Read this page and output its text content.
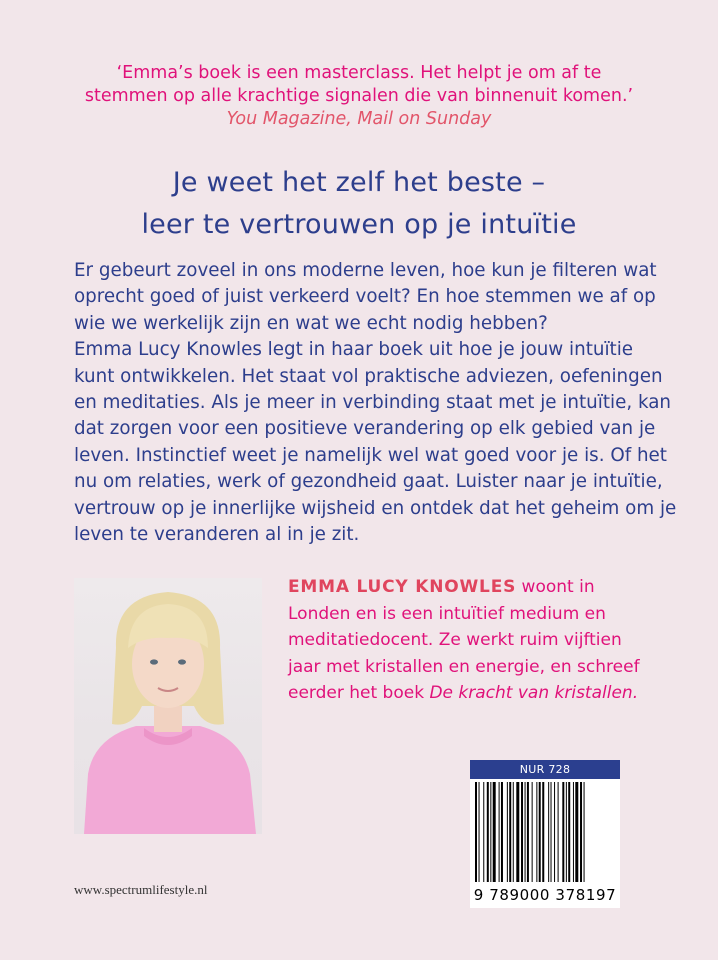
‘Emma’s boek is een masterclass. Het helpt je om af te
stemmen op alle krachtige signalen die van binnenuit komen.’
You Magazine, Mail on Sunday
Je weet het zelf het beste –
leer te vertrouwen op je intuïtie
Er gebeurt zoveel in ons moderne leven, hoe kun je filteren wat
oprecht goed of juist verkeerd voelt? En hoe stemmen we af op
wie we werkelijk zijn en wat we echt nodig hebben?
Emma Lucy Knowles legt in haar boek uit hoe je jouw intuïtie
kunt ontwikkelen. Het staat vol praktische adviezen, oefeningen
en meditaties. Als je meer in verbinding staat met je intuïtie, kan
dat zorgen voor een positieve verandering op elk gebied van je
leven. Instinctief weet je namelijk wel wat goed voor je is. Of het
nu om relaties, werk of gezondheid gaat. Luister naar je intuïtie,
vertrouw op je innerlijke wijsheid en ontdek dat het geheim om je
leven te veranderen al in je zit.
EMMA LUCY KNOWLES woont in
Londen en is een intuïtief medium en
meditatiedocent. Ze werkt ruim vijftien
jaar met kristallen en energie, en schreef
eerder het boek De kracht van kristallen.
NUR 728
9 789000 378197
www.spectrumlifestyle.nl
